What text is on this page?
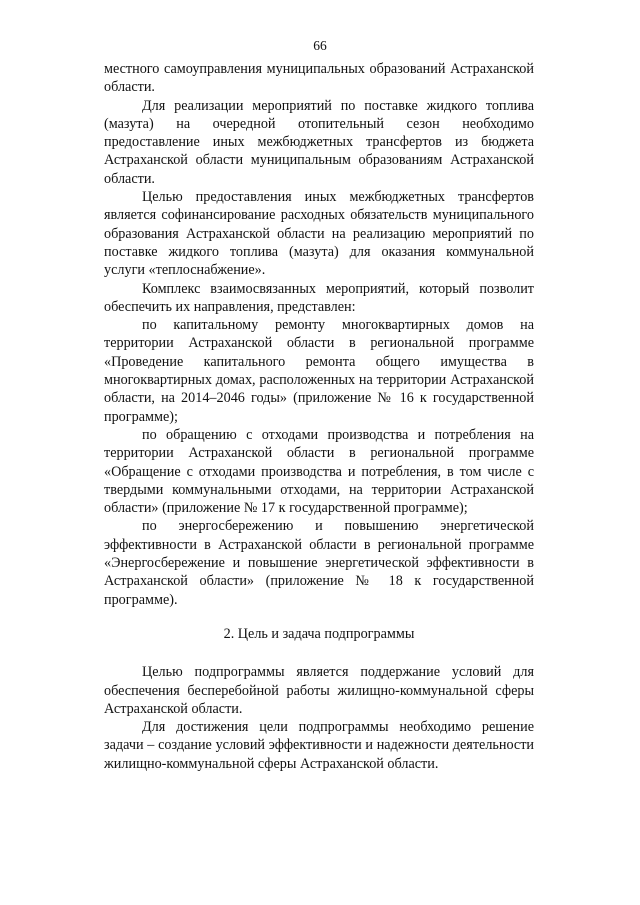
66

местного самоуправления муниципальных образований Астраханской области.

Для реализации мероприятий по поставке жидкого топлива (мазута) на очередной отопительный сезон необходимо предоставление иных межбюджетных трансфертов из бюджета Астраханской области муниципальным образованиям Астраханской области.

Целью предоставления иных межбюджетных трансфертов является софинансирование расходных обязательств муниципального образования Астраханской области на реализацию мероприятий по поставке жидкого топлива (мазута) для оказания коммунальной услуги «теплоснабжение».

Комплекс взаимосвязанных мероприятий, который позволит обеспечить их направления, представлен:

по капитальному ремонту многоквартирных домов на территории Астраханской области в региональной программе «Проведение капитального ремонта общего имущества в многоквартирных домах, расположенных на территории Астраханской области, на 2014–2046 годы» (приложение № 16 к государственной программе);

по обращению с отходами производства и потребления на территории Астраханской области в региональной программе «Обращение с отходами производства и потребления, в том числе с твердыми коммунальными отходами, на территории Астраханской области» (приложение № 17 к государственной программе);

по энергосбережению и повышению энергетической эффективности в Астраханской области в региональной программе «Энергосбережение и повышение энергетической эффективности в Астраханской области» (приложение № 18 к государственной программе).

2. Цель и задача подпрограммы

Целью подпрограммы является поддержание условий для обеспечения бесперебойной работы жилищно-коммунальной сферы Астраханской области.

Для достижения цели подпрограммы необходимо решение задачи – создание условий эффективности и надежности деятельности жилищно-коммунальной сферы Астраханской области.
